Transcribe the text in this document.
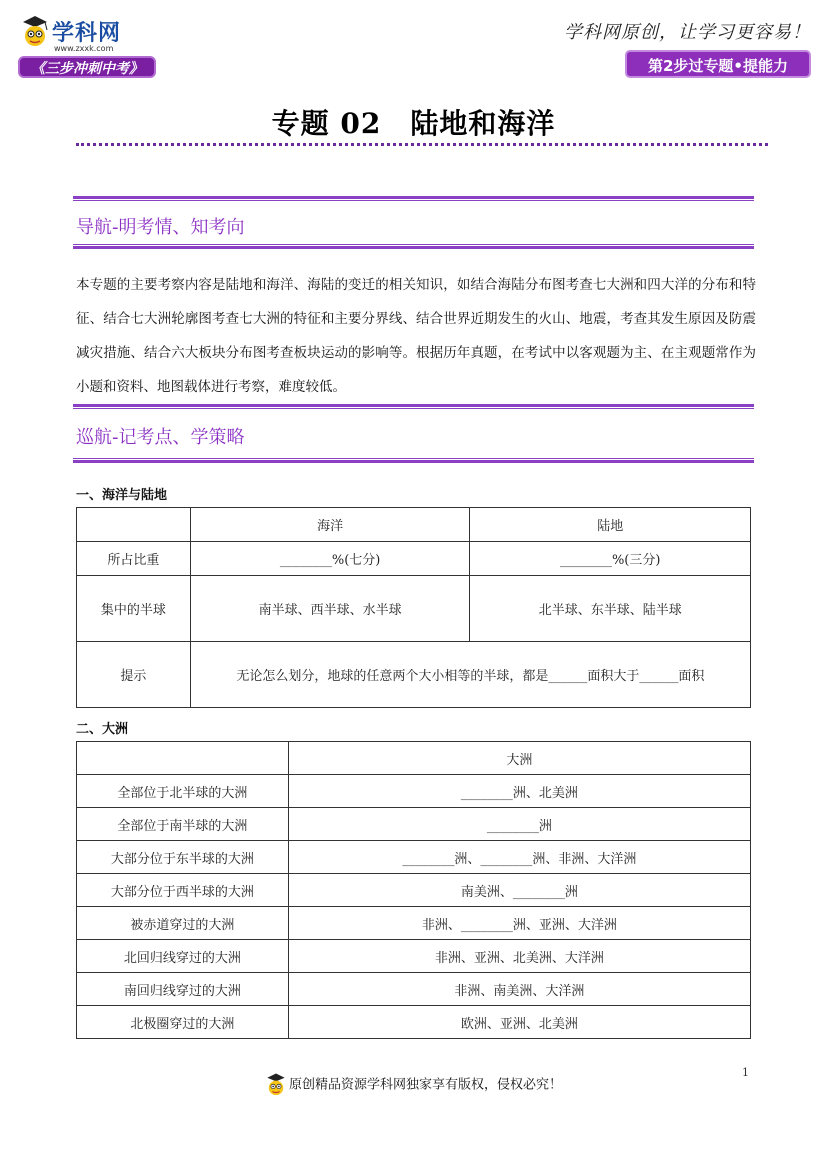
学科网
www.zxxk.com
《三步冲刺中考》
学科网原创，让学习更容易！
第2步过专题•提能力
专题 02　陆地和海洋
导航-明考情、知考向
本专题的主要考察内容是陆地和海洋、海陆的变迁的相关知识，如结合海陆分布图考查七大洲和四大洋的分布和特征、结合七大洲轮廓图考查七大洲的特征和主要分界线、结合世界近期发生的火山、地震，考查其发生原因及防震减灾措施、结合六大板块分布图考查板块运动的影响等。根据历年真题，在考试中以客观题为主、在主观题常作为小题和资料、地图载体进行考察，难度较低。
巡航-记考点、学策略
一、海洋与陆地
	海洋	陆地
所占比重	________%(七分)	________%(三分)
集中的半球	南半球、西半球、水半球	北半球、东半球、陆半球
提示	无论怎么划分，地球的任意两个大小相等的半球，都是______面积大于______面积	
二、大洲
	大洲
全部位于北半球的大洲	________洲、北美洲
全部位于南半球的大洲	________洲
大部分位于东半球的大洲	________洲、________洲、非洲、大洋洲
大部分位于西半球的大洲	南美洲、________洲
被赤道穿过的大洲	非洲、________洲、亚洲、大洋洲
北回归线穿过的大洲	非洲、亚洲、北美洲、大洋洲
南回归线穿过的大洲	非洲、南美洲、大洋洲
北极圈穿过的大洲	欧洲、亚洲、北美洲
原创精品资源学科网独家享有版权，侵权必究！
1
